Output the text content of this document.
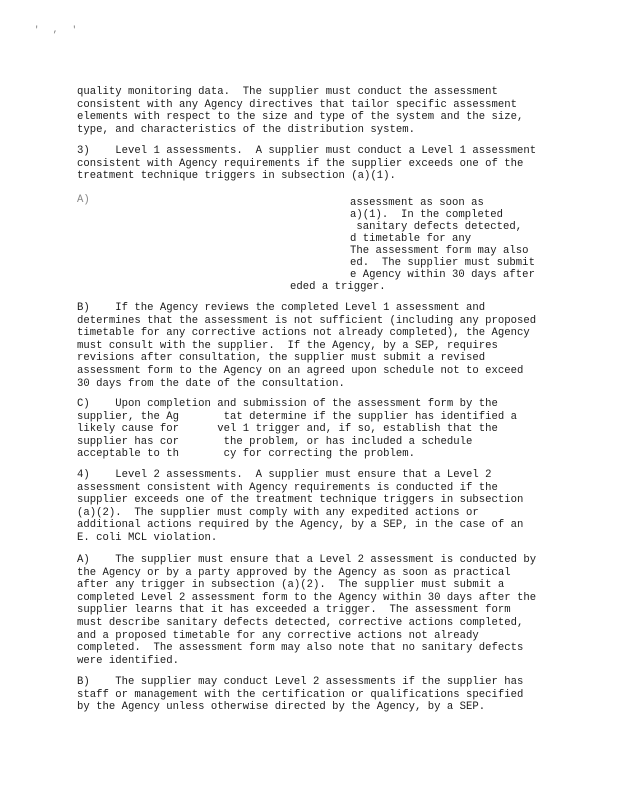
' , '

quality monitoring data.  The supplier must conduct the assessment
consistent with any Agency directives that tailor specific assessment
elements with respect to the size and type of the system and the size,
type, and characteristics of the distribution system.

3)    Level 1 assessments.  A supplier must conduct a Level 1 assessment
consistent with Agency requirements if the supplier exceeds one of the
treatment technique triggers in subsection (a)(1).

A)	assessment as soon as

a)(1).  In the completed

sanitary defects detected,

d timetable for any

The assessment form may also

ed.  The supplier must submit

e Agency within 30 days after

eded a trigger.

B)    If the Agency reviews the completed Level 1 assessment and
determines that the assessment is not sufficient (including any proposed
timetable for any corrective actions not already completed), the Agency
must consult with the supplier.  If the Agency, by a SEP, requires
revisions after consultation, the supplier must submit a revised
assessment form to the Agency on an agreed upon schedule not to exceed
30 days from the date of the consultation.

C)    Upon completion and submission of the assessment form by the
supplier, the Ag       tat determine if the supplier has identified a
likely cause for      vel 1 trigger and, if so, establish that the
supplier has cor       the problem, or has included a schedule
acceptable to th       cy for correcting the problem.

4)    Level 2 assessments.  A supplier must ensure that a Level 2
assessment consistent with Agency requirements is conducted if the
supplier exceeds one of the treatment technique triggers in subsection
(a)(2).  The supplier must comply with any expedited actions or
additional actions required by the Agency, by a SEP, in the case of an
E. coli MCL violation.

A)    The supplier must ensure that a Level 2 assessment is conducted by
the Agency or by a party approved by the Agency as soon as practical
after any trigger in subsection (a)(2).  The supplier must submit a
completed Level 2 assessment form to the Agency within 30 days after the
supplier learns that it has exceeded a trigger.  The assessment form
must describe sanitary defects detected, corrective actions completed,
and a proposed timetable for any corrective actions not already
completed.  The assessment form may also note that no sanitary defects
were identified.

B)    The supplier may conduct Level 2 assessments if the supplier has
staff or management with the certification or qualifications specified
by the Agency unless otherwise directed by the Agency, by a SEP.
